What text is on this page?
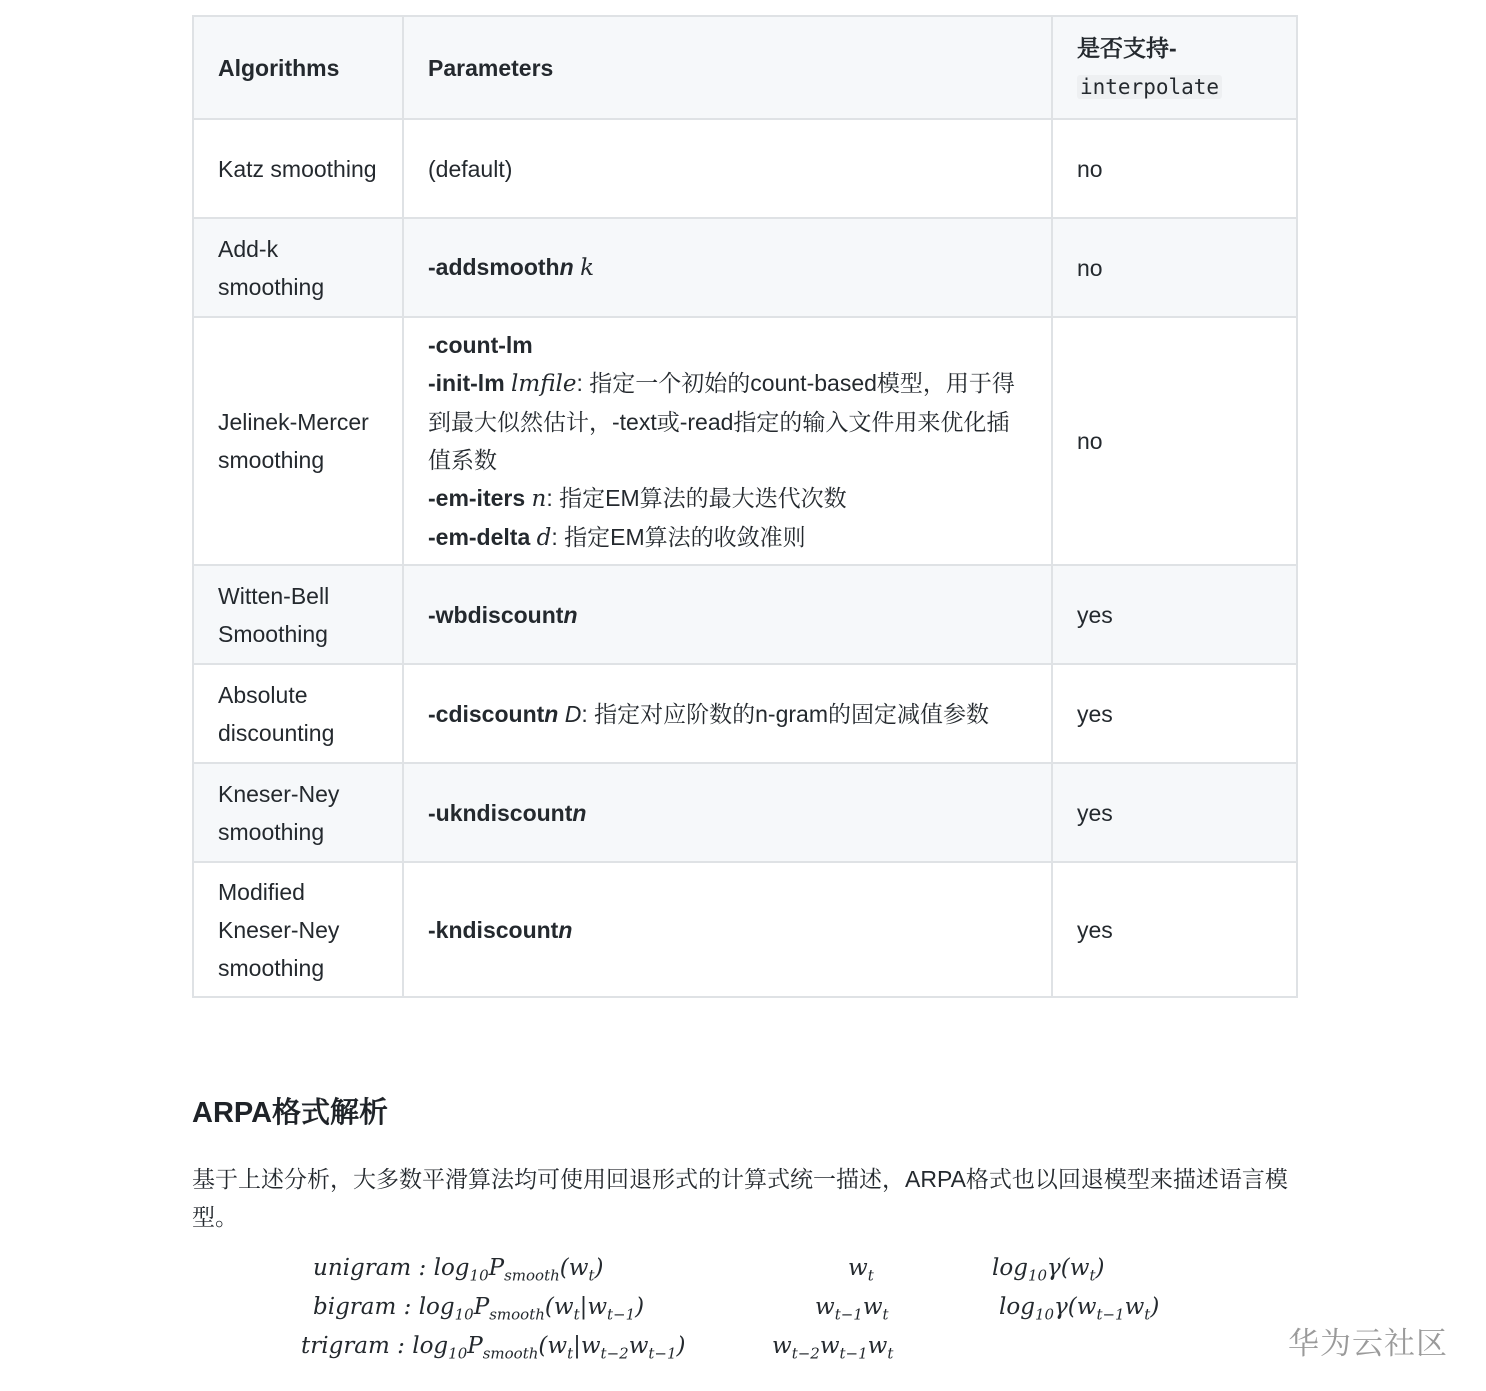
Algorithms	Parameters	是否支持-
interpolate
Katz smoothing	(default)	no
Add-k smoothing	-addsmoothn k	no
Jelinek-Mercer smoothing	-count-lm
-init-lm lmfile: 指定一个初始的count-based模型，用于得到最大似然估计，-text或-read指定的输入文件用来优化插值系数
-em-iters n: 指定EM算法的最大迭代次数
-em-delta d: 指定EM算法的收敛准则	no
Witten-Bell Smoothing	-wbdiscountn	yes
Absolute discounting	-cdiscountn D: 指定对应阶数的n-gram的固定减值参数	yes
Kneser-Ney smoothing	-ukndiscountn	yes
Modified Kneser-Ney smoothing	-kndiscountn	yes
ARPA格式解析

基于上述分析，大多数平滑算法均可使用回退形式的计算式统一描述，ARPA格式也以回退模型来描述语言模型。

unigram : $\log_{10}P_{smooth}(w_t)$	$w_t$	$\log_{10}\gamma(w_t)$
bigram : $\log_{10}P_{smooth}(w_t|w_{t-1})$	$w_{t-1}w_t$	$\log_{10}\gamma(w_{t-1}w_t)$
trigram : $\log_{10}P_{smooth}(w_t|w_{t-2}w_{t-1})$	$w_{t-2}w_{t-1}w_t$	华为云社区
